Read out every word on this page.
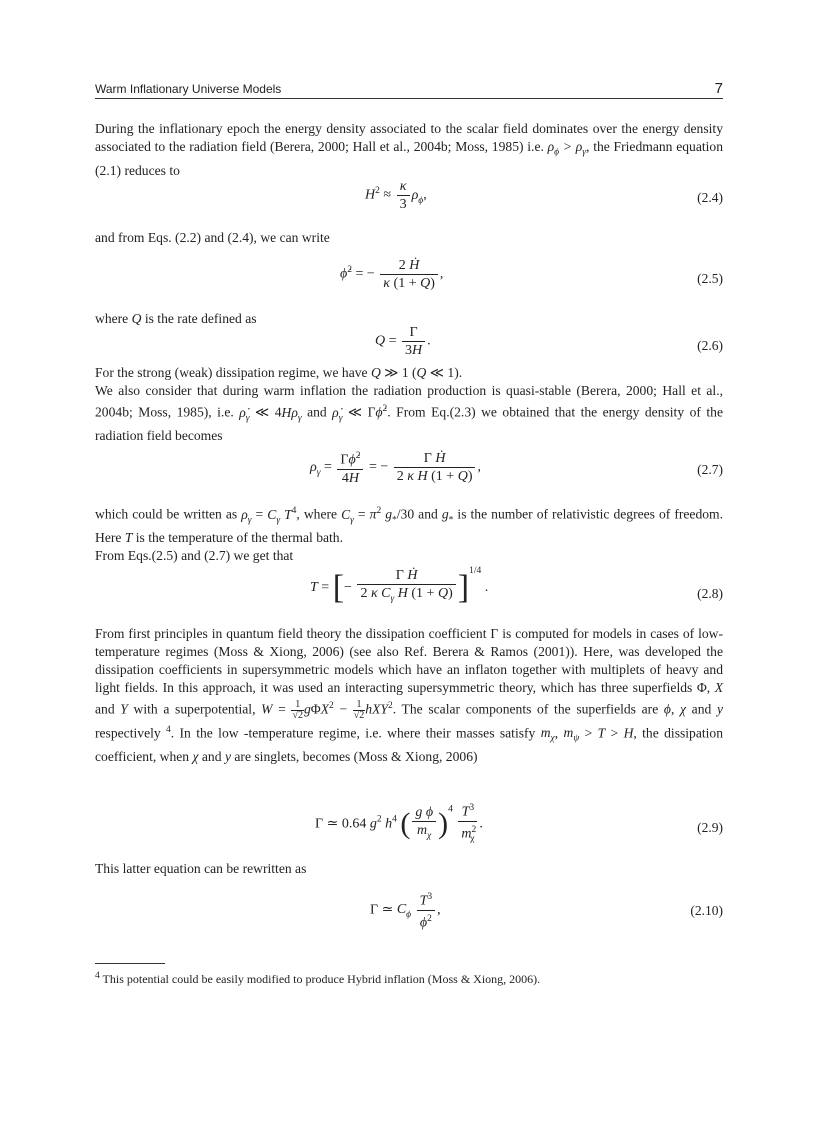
Warm Inflationary Universe Models	7

During the inflationary epoch the energy density associated to the scalar field dominates over the energy density associated to the radiation field (Berera, 2000; Hall et al., 2004b; Moss, 1985) i.e. $\rho_\phi > \rho_\gamma$, the Friedmann equation (2.1) reduces to

$H^2 \approx \frac{\kappa}{3} \rho_\phi$,	(2.4)

and from Eqs. (2.2) and (2.4), we can write

ϕ̇$^2$ = − $\frac{\text{2 Ḣ}}{\kappa (1 + Q)}$ ,	(2.5)

where Q is the rate defined as

$Q = \frac{\Gamma}{3H}$ .	(2.6)

For the strong (weak) dissipation regime, we have Q ≫ 1 (Q ≪ 1).
We also consider that during warm inflation the radiation production is quasi-stable (Berera, 2000; Hall et al., 2004b; Moss, 1985), i.e. $\rhȯ_\gamma$ ≪ $4H\rho_\gamma$ and $\rhȯ_\gamma$ ≪ Γϕ̇$^2$. From Eq.(2.3) we obtained that the energy density of the radiation field becomes

$\rho_\gamma = \frac{\Gamma\phi̇^2}{4H}$ = − $\frac{\text{Γ Ḣ}}{\text{2 κ H (1 + Q)}}$ ,	(2.7)

which could be written as $\rho_\gamma = C_\gamma$ $T^4$, where $C_\gamma = \pi^2$ $g_*/30$ and $g_*$ is the number of relativistic degrees of freedom. Here T is the temperature of the thermal bath.
From Eqs.(2.5) and (2.7) we get that

T = [− $\frac{\text{Γ Ḣ}}{2 \kappa C_\gamma H (1 + Q)} ]^{1/4}$ .	(2.8)

From first principles in quantum field theory the dissipation coefficient Γ is computed for models in cases of low-temperature regimes (Moss & Xiong, 2006) (see also Ref. Berera & Ramos (2001)). Here, was developed the dissipation coefficients in supersymmetric models which have an inflaton together with multiplets of heavy and light fields. In this approach, it was used an interacting supersymmetric theory, which has three superfields Φ, X and Y with a superpotential, $W = \frac{1}{√2} g\Phi X^2 - \frac{1}{√2} hXY^2$. The scalar components of the superfields are ϕ, χ and y respectively $^4$. In the low -temperature regime, i.e. where their masses satisfy $m_\chi$, $m_\psi > T > H$, the dissipation coefficient, when χ and y are singlets, becomes (Moss & Xiong, 2006)

Γ ≃ 0.64 $g^2$ $h^4$ ( $\frac{\text{g ϕ}}{m_\chi} )^4 \frac{T^3}{m^2_\chi}$ .	(2.9)

This latter equation can be rewritten as

Γ ≃ $C_\phi \frac{T^3}{\phi^2}$ ,	(2.10)
$^4$ This potential could be easily modified to produce Hybrid inflation (Moss & Xiong, 2006).
